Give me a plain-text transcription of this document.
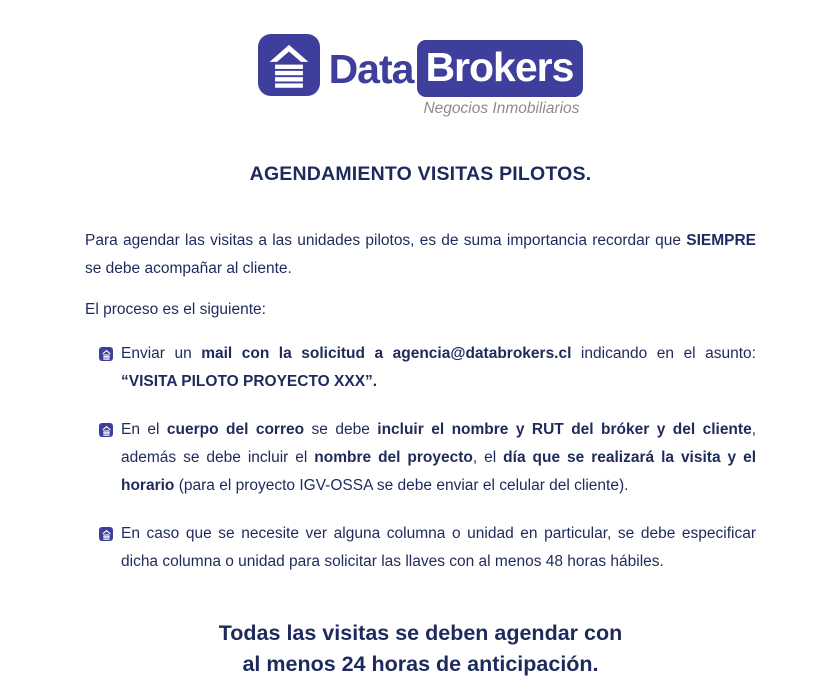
Data Brokers
Negocios Inmobiliarios
AGENDAMIENTO VISITAS PILOTOS.

Para agendar las visitas a las unidades pilotos, es de suma importancia recordar que SIEMPRE se debe acompañar al cliente.

El proceso es el siguiente:

Enviar un mail con la solicitud a agencia@databrokers.cl indicando en el asunto: “VISITA PILOTO PROYECTO XXX”.
En el cuerpo del correo se debe incluir el nombre y RUT del bróker y del cliente, además se debe incluir el nombre del proyecto, el día que se realizará la visita y el horario (para el proyecto IGV-OSSA se debe enviar el celular del cliente).
En caso que se necesite ver alguna columna o unidad en particular, se debe especificar dicha columna o unidad para solicitar las llaves con al menos 48 horas hábiles.
Todas las visitas se deben agendar con
al menos 24 horas de anticipación.
